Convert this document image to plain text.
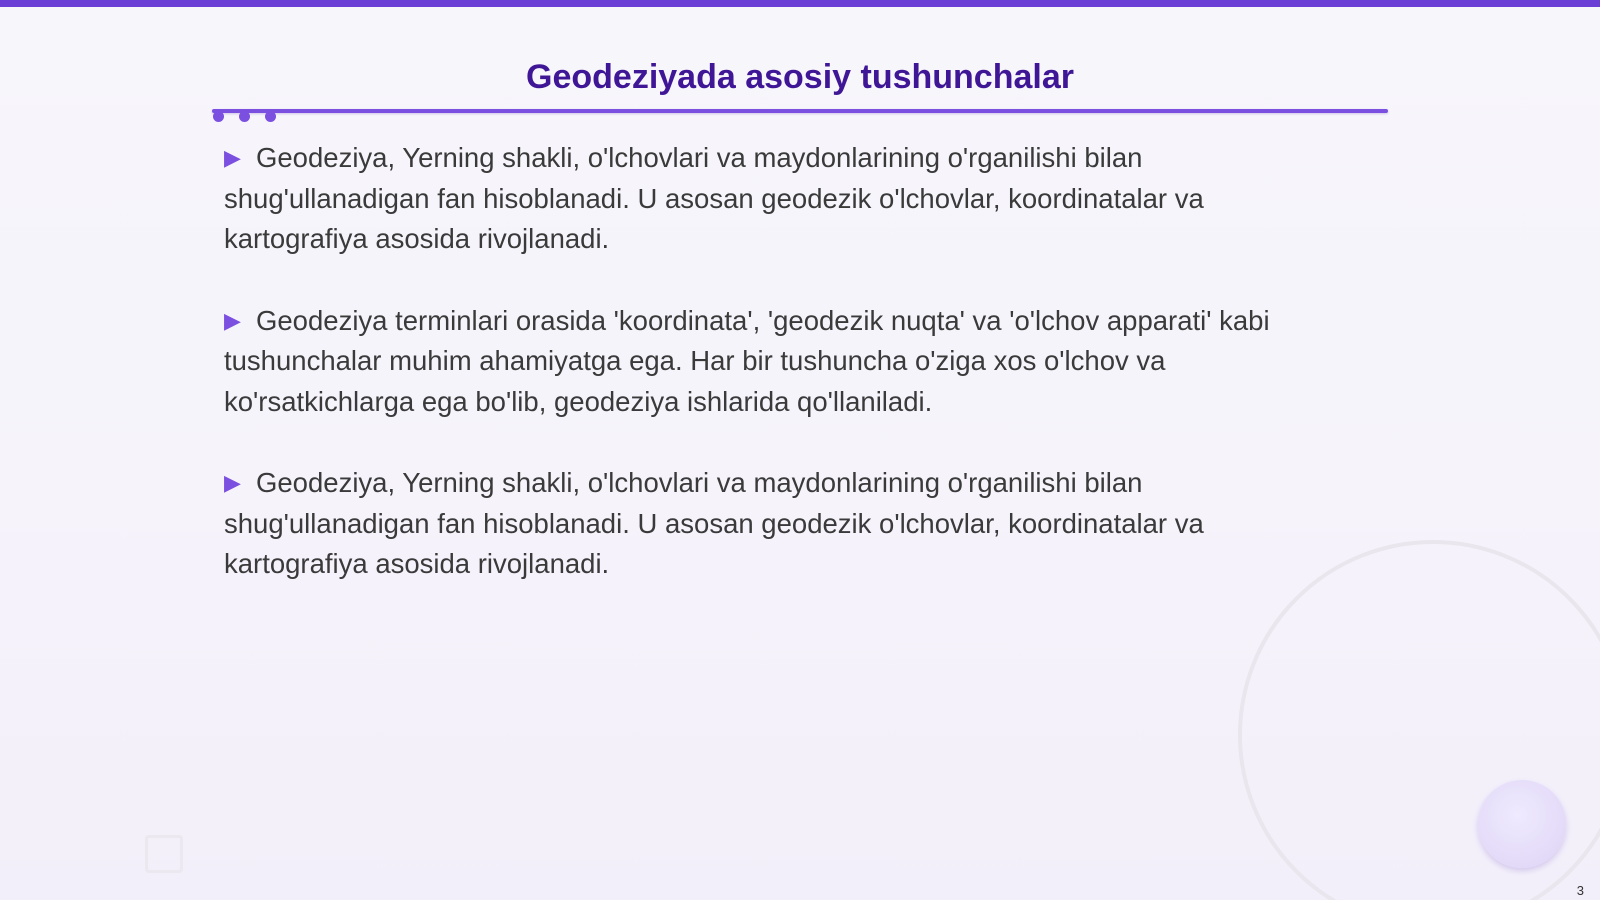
Geodeziyada asosiy tushunchalar

▶ Geodeziya, Yerning shakli, o'lchovlari va maydonlarining o'rganilishi bilan shug'ullanadigan fan hisoblanadi. U asosan geodezik o'lchovlar, koordinatalar va kartografiya asosida rivojlanadi.

▶ Geodeziya terminlari orasida 'koordinata', 'geodezik nuqta' va 'o'lchov apparati' kabi tushunchalar muhim ahamiyatga ega. Har bir tushuncha o'ziga xos o'lchov va ko'rsatkichlarga ega bo'lib, geodeziya ishlarida qo'llaniladi.

▶ Geodeziya, Yerning shakli, o'lchovlari va maydonlarining o'rganilishi bilan shug'ullanadigan fan hisoblanadi. U asosan geodezik o'lchovlar, koordinatalar va kartografiya asosida rivojlanadi.

3
